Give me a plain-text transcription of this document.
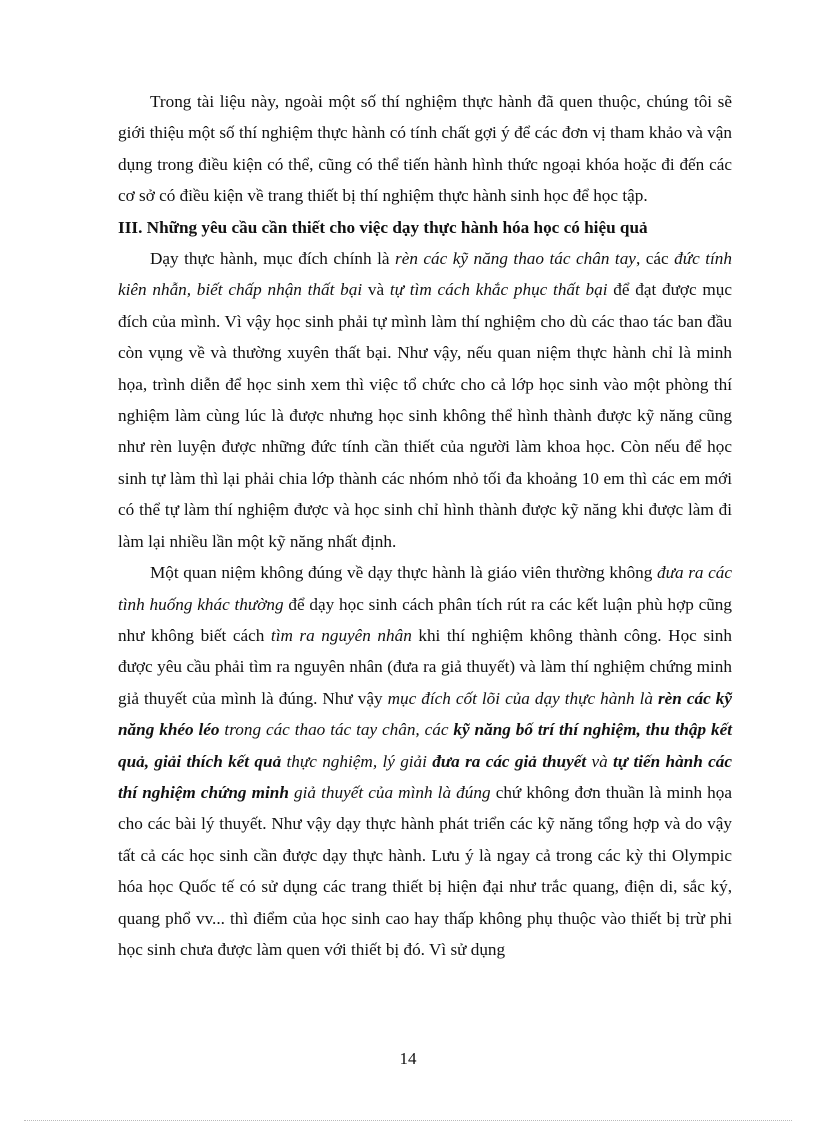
Trong tài liệu này, ngoài một số thí nghiệm thực hành đã quen thuộc, chúng tôi sẽ giới thiệu một số thí nghiệm thực hành có tính chất gợi ý để các đơn vị tham khảo và vận dụng trong điều kiện có thể, cũng có thể tiến hành hình thức ngoại khóa hoặc đi đến các cơ sở có điều kiện về trang thiết bị thí nghiệm thực hành sinh học để học tập.

III. Những yêu cầu cần thiết cho việc dạy thực hành hóa học có hiệu quả

Dạy thực hành, mục đích chính là rèn các kỹ năng thao tác chân tay, các đức tính kiên nhẫn, biết chấp nhận thất bại và tự tìm cách khắc phục thất bại để đạt được mục đích của mình. Vì vậy học sinh phải tự mình làm thí nghiệm cho dù các thao tác ban đầu còn vụng về và thường xuyên thất bại. Như vậy, nếu quan niệm thực hành chỉ là minh họa, trình diễn để học sinh xem thì việc tổ chức cho cả lớp học sinh vào một phòng thí nghiệm làm cùng lúc là được nhưng học sinh không thể hình thành được kỹ năng cũng như rèn luyện được những đức tính cần thiết của người làm khoa học. Còn nếu để học sinh tự làm thì lại phải chia lớp thành các nhóm nhỏ tối đa khoảng 10 em thì các em mới có thể tự làm thí nghiệm được và học sinh chỉ hình thành được kỹ năng khi được làm đi làm lại nhiều lần một kỹ năng nhất định.

Một quan niệm không đúng về dạy thực hành là giáo viên thường không đưa ra các tình huống khác thường để dạy học sinh cách phân tích rút ra các kết luận phù hợp cũng như không biết cách tìm ra nguyên nhân khi thí nghiệm không thành công. Học sinh được yêu cầu phải tìm ra nguyên nhân (đưa ra giả thuyết) và làm thí nghiệm chứng minh giả thuyết của mình là đúng. Như vậy mục đích cốt lõi của dạy thực hành là rèn các kỹ năng khéo léo trong các thao tác tay chân, các kỹ năng bố trí thí nghiệm, thu thập kết quả, giải thích kết quả thực nghiệm, lý giải đưa ra các giả thuyết và tự tiến hành các thí nghiệm chứng minh giả thuyết của mình là đúng chứ không đơn thuần là minh họa cho các bài lý thuyết. Như vậy dạy thực hành phát triển các kỹ năng tổng hợp và do vậy tất cả các học sinh cần được dạy thực hành. Lưu ý là ngay cả trong các kỳ thi Olympic hóa học Quốc tế có sử dụng các trang thiết bị hiện đại như trắc quang, điện di, sắc ký, quang phổ vv... thì điểm của học sinh cao hay thấp không phụ thuộc vào thiết bị trừ phi học sinh chưa được làm quen với thiết bị đó. Vì sử dụng

14
